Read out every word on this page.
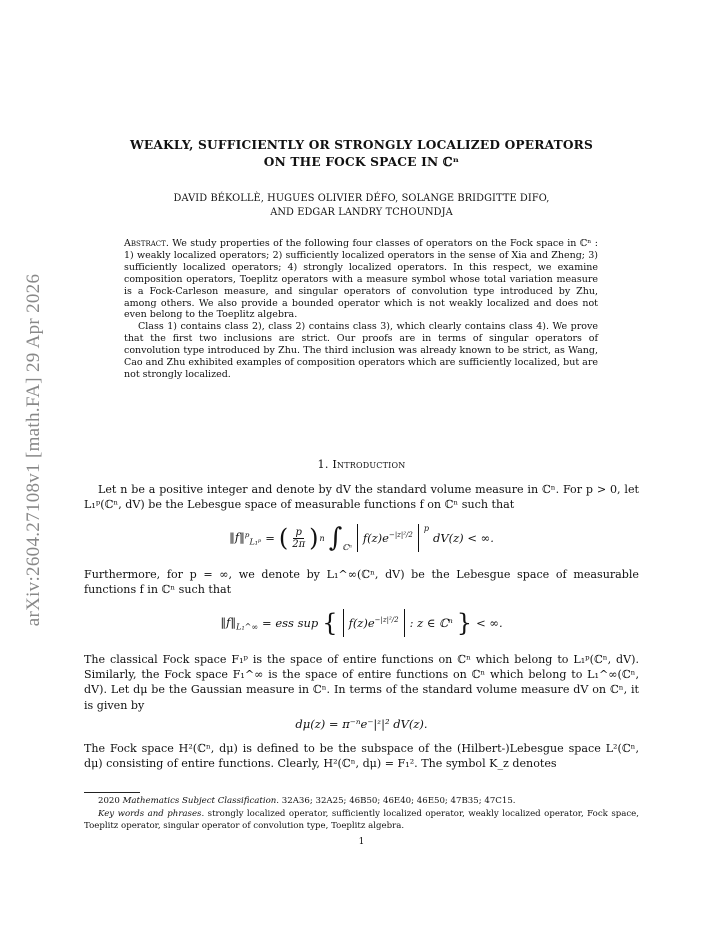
arXiv:2604.27108v1 [math.FA] 29 Apr 2026
WEAKLY, SUFFICIENTLY OR STRONGLY LOCALIZED OPERATORS
ON THE FOCK SPACE IN ℂⁿ
DAVID BÉKOLLÈ, HUGUES OLIVIER DÉFO, SOLANGE BRIDGITTE DIFO,
AND EDGAR LANDRY TCHOUNDJA

Abstract. We study properties of the following four classes of operators on the Fock space in ℂⁿ : 1) weakly localized operators; 2) sufficiently localized operators in the sense of Xia and Zheng; 3) sufficiently localized operators; 4) strongly localized operators. In this respect, we examine composition operators, Toeplitz operators with a measure symbol whose total variation measure is a Fock-Carleson measure, and singular operators of convolution type introduced by Zhu, among others. We also provide a bounded operator which is not weakly localized and does not even belong to the Toeplitz algebra.

Class 1) contains class 2), class 2) contains class 3), which clearly contains class 4). We prove that the first two inclusions are strict. Our proofs are in terms of singular operators of convolution type introduced by Zhu. The third inclusion was already known to be strict, as Wang, Cao and Zhu exhibited examples of composition operators which are sufficiently localized, but are not strongly localized.

1. Introduction
Let n be a positive integer and denote by dV the standard volume measure in ℂⁿ. For p > 0, let L₁ᵖ(ℂⁿ, dV) be the Lebesgue space of measurable functions f on ℂⁿ such that
‖f‖ᵖ$_{L_1ᵖ}$ = ( $\frac{p}{2\pi}$ ) n $\int_{ℂ^n}$
$f(z)e^{-|z|^2/2}$
$^p$
dV(z) < ∞.
Furthermore, for p = ∞, we denote by L₁^∞(ℂⁿ, dV) be the Lebesgue space of measurable functions f in ℂⁿ such that
$‖f‖_{L_1\^{}\infty}$ = ess sup { $f(z)e^{-|z|^2/2}$ : z ∈ ℂⁿ } < ∞.
The classical Fock space F₁ᵖ is the space of entire functions on ℂⁿ which belong to L₁ᵖ(ℂⁿ, dV). Similarly, the Fock space F₁^∞ is the space of entire functions on ℂⁿ which belong to L₁^∞(ℂⁿ, dV). Let dμ be the Gaussian measure in ℂⁿ. In terms of the standard volume measure dV on ℂⁿ, it is given by
dμ(z) = π⁻ⁿe⁻|ᶻ|² dV(z).
The Fock space H²(ℂⁿ, dμ) is defined to be the subspace of the (Hilbert-)Lebesgue space L²(ℂⁿ, dμ) consisting of entire functions. Clearly, H²(ℂⁿ, dμ) = F₁². The symbol K_z denotes
2020 Mathematics Subject Classification. 32A36; 32A25; 46B50; 46E40; 46E50; 47B35; 47C15.
Key words and phrases. strongly localized operator, sufficiently localized operator, weakly localized operator, Fock space, Toeplitz operator, singular operator of convolution type, Toeplitz algebra.
1
